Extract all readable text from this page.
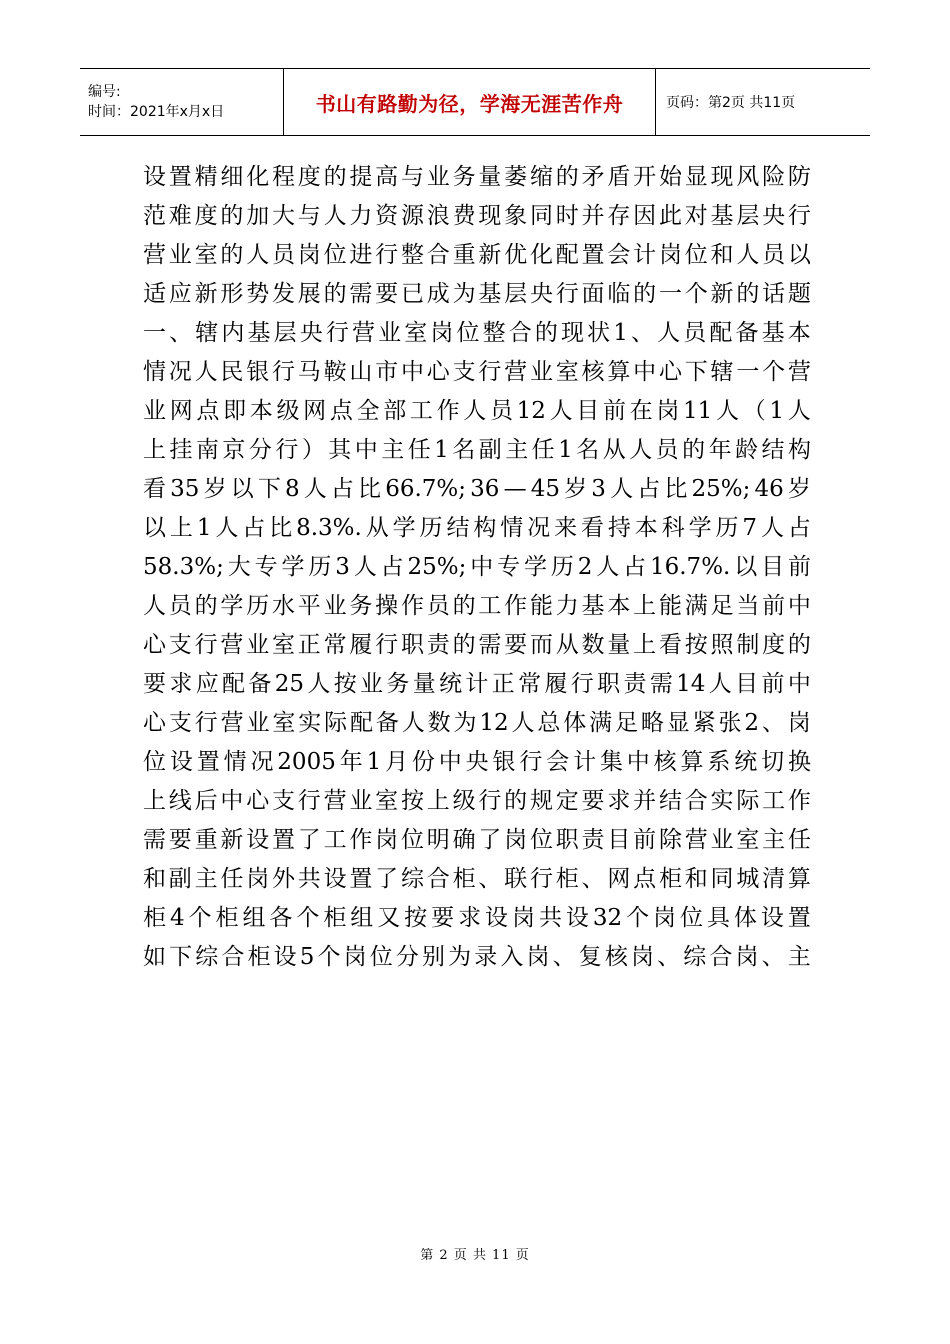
编号:
时间：2021年x月x日	书山有路勤为径，学海无涯苦作舟	页码：第2页 共11页
设 置 精 细 化 程 度 的 提 高 与 业 务 量 萎 缩 的 矛 盾 开 始 显 现 风 险 防
范 难 度 的 加 大 与 人 力 资 源 浪 费 现 象 同 时 并 存 因 此 对 基 层 央 行
营 业 室 的 人 员 岗 位 进 行 整 合 重 新 优 化 配 置 会 计 岗 位 和 人 员 以
适 应 新 形 势 发 展 的 需 要 已 成 为 基 层 央 行 面 临 的 一 个 新 的 话 题
一 、 辖 内 基 层 央 行 营 业 室 岗 位 整 合 的 现 状 1 、 人 员 配 备 基 本
情 况 人 民 银 行 马 鞍 山 市 中 心 支 行 营 业 室 核 算 中 心 下 辖 一 个 营
业 网 点 即 本 级 网 点 全 部 工 作 人 员 12 人 目 前 在 岗 11 人 （ 1 人
上 挂 南 京 分 行 ） 其 中 主 任 1 名 副 主 任 1 名 从 人 员 的 年 龄 结 构
看 35 岁 以 下 8 人 占 比 66.7%; 36 — 45 岁 3 人 占 比 25%; 46 岁
以 上 1 人 占 比 8.3%. 从 学 历 结 构 情 况 来 看 持 本 科 学 历 7 人 占
58.3%; 大 专 学 历 3 人 占 25%; 中 专 学 历 2 人 占 16.7%. 以 目 前
人 员 的 学 历 水 平 业 务 操 作 员 的 工 作 能 力 基 本 上 能 满 足 当 前 中
心 支 行 营 业 室 正 常 履 行 职 责 的 需 要 而 从 数 量 上 看 按 照 制 度 的
要 求 应 配 备 25 人 按 业 务 量 统 计 正 常 履 行 职 责 需 14 人 目 前 中
心 支 行 营 业 室 实 际 配 备 人 数 为 12 人 总 体 满 足 略 显 紧 张 2 、 岗
位 设 置 情 况 2005 年 1 月 份 中 央 银 行 会 计 集 中 核 算 系 统 切 换
上 线 后 中 心 支 行 营 业 室 按 上 级 行 的 规 定 要 求 并 结 合 实 际 工 作
需 要 重 新 设 置 了 工 作 岗 位 明 确 了 岗 位 职 责 目 前 除 营 业 室 主 任
和 副 主 任 岗 外 共 设 置 了 综 合 柜 、 联 行 柜 、 网 点 柜 和 同 城 清 算
柜 4 个 柜 组 各 个 柜 组 又 按 要 求 设 岗 共 设 32 个 岗 位 具 体 设 置
如 下 综 合 柜 设 5 个 岗 位 分 别 为 录 入 岗 、 复 核 岗 、 综 合 岗 、 主
第 2 页 共 11 页
